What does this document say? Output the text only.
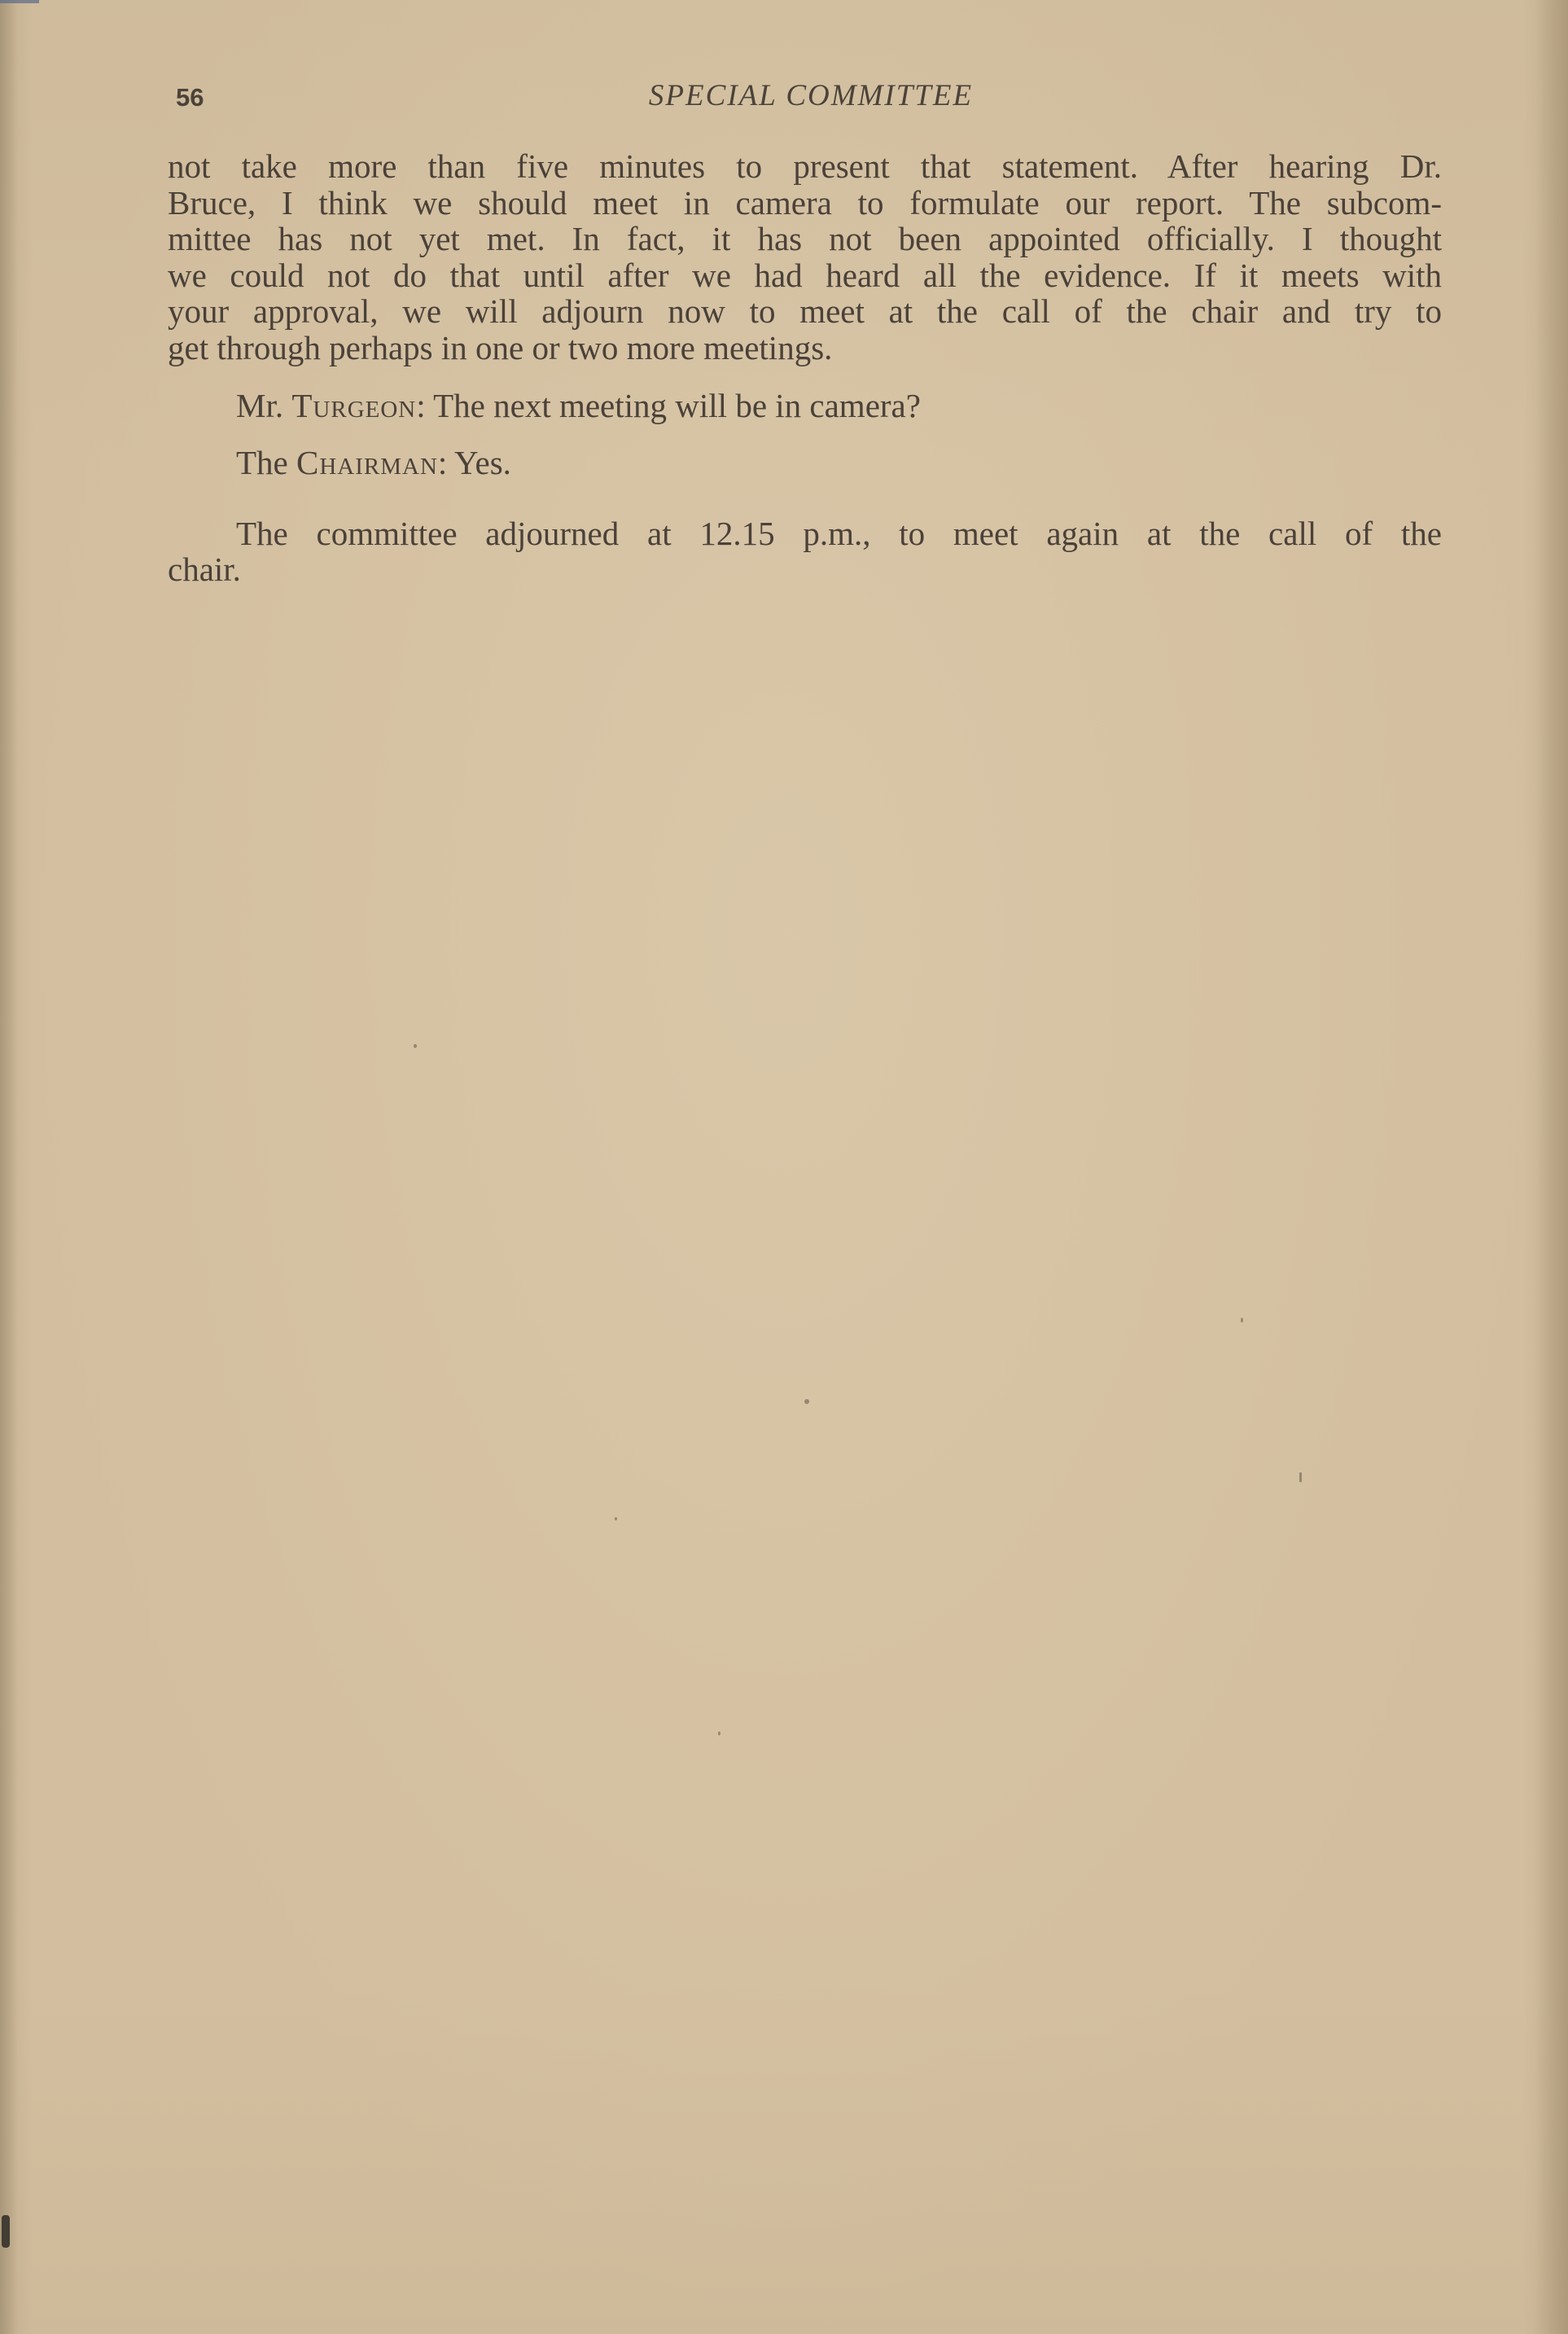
56	SPECIAL COMMITTEE
not take more than five minutes to present that statement. After hearing Dr.
Bruce, I think we should meet in camera to formulate our report. The subcom-
mittee has not yet met. In fact, it has not been appointed officially. I thought
we could not do that until after we had heard all the evidence. If it meets with
your approval, we will adjourn now to meet at the call of the chair and try to
get through perhaps in one or two more meetings.

Mr. Turgeon: The next meeting will be in camera?

The Chairman: Yes.

The committee adjourned at 12.15 p.m., to meet again at the call of the
chair.
